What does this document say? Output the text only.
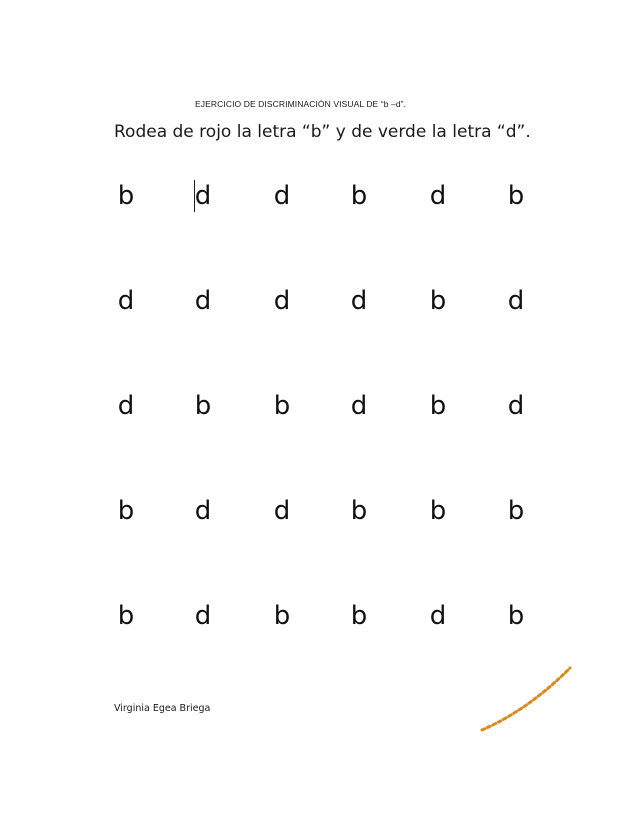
EJERCICIO DE DISCRIMINACIÓN VISUAL DE “b –d”.
Rodea de rojo la letra “b” y de verde la letra “d”.
b	d	d	b	d	b
d	d	d	d	b	d
d	b	b	d	b	d
b	d	d	b	b	b
b	d	b	b	d	b
Virginia Egea Briega
